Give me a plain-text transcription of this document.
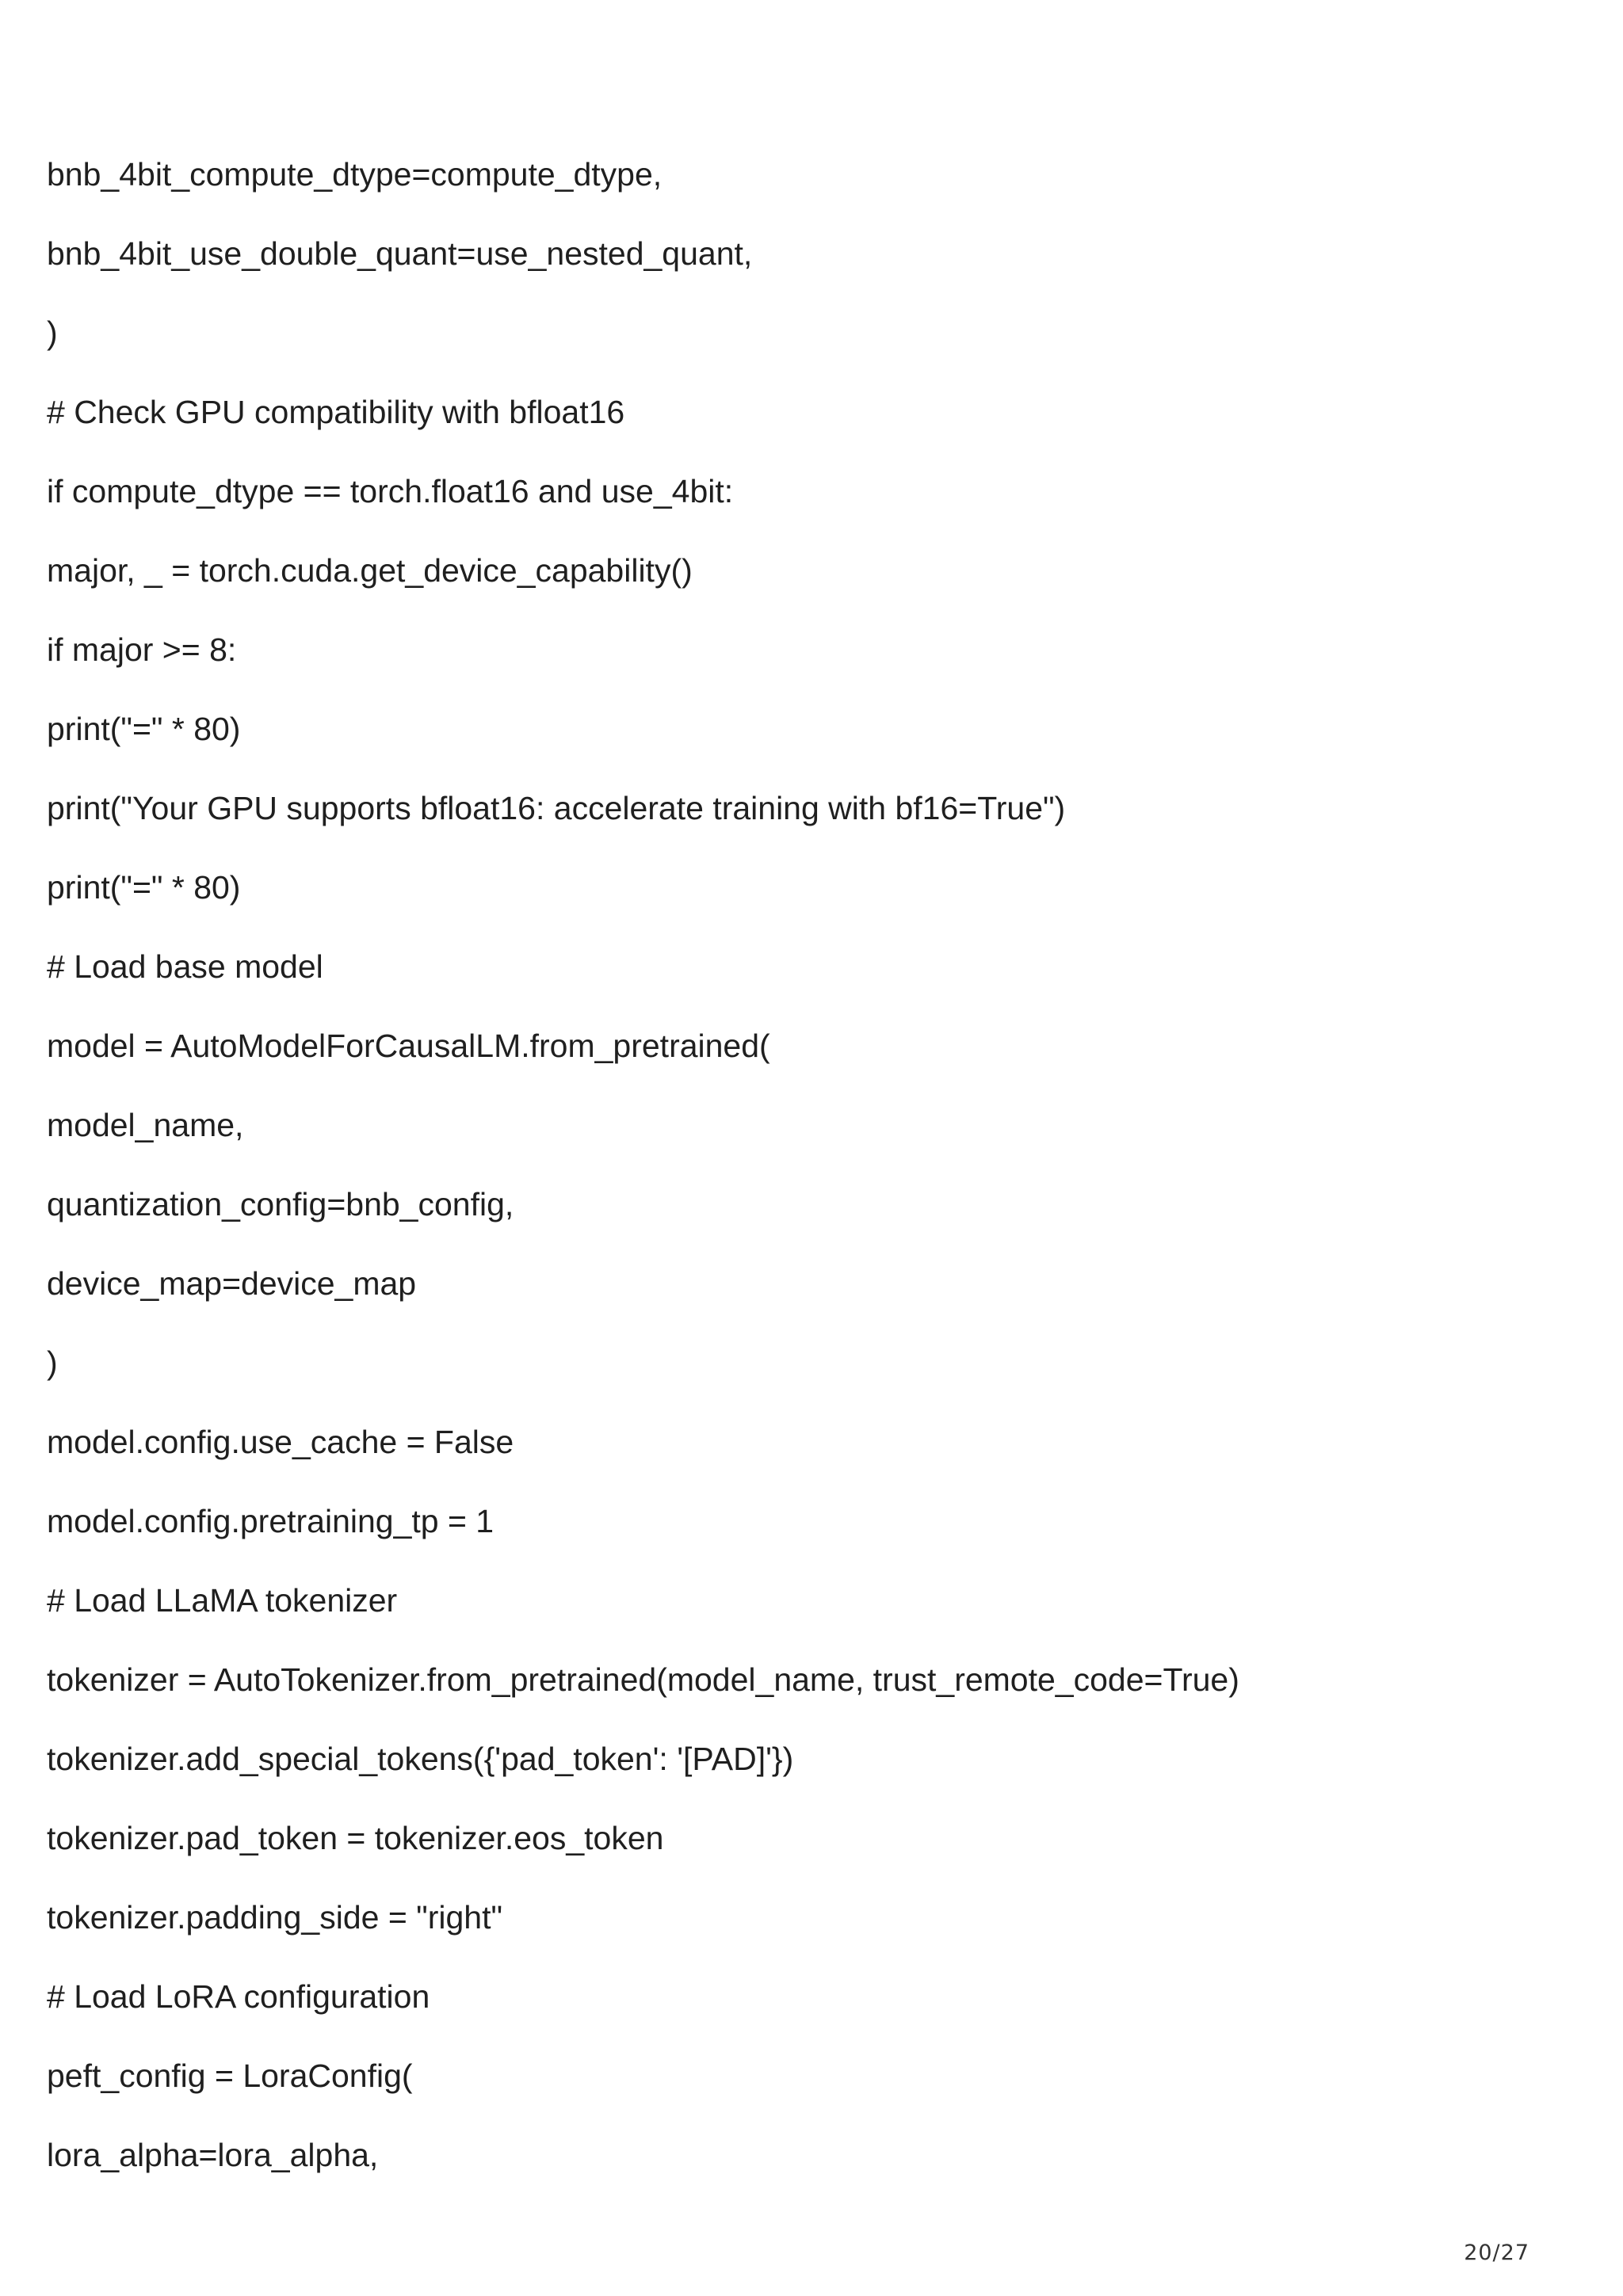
bnb_4bit_compute_dtype=compute_dtype,
bnb_4bit_use_double_quant=use_nested_quant,
)
# Check GPU compatibility with bfloat16
if compute_dtype == torch.float16 and use_4bit:
major, _ = torch.cuda.get_device_capability()
if major >= 8:
print("=" * 80)
print("Your GPU supports bfloat16: accelerate training with bf16=True")
print("=" * 80)
# Load base model
model = AutoModelForCausalLM.from_pretrained(
model_name,
quantization_config=bnb_config,
device_map=device_map
)
model.config.use_cache = False
model.config.pretraining_tp = 1
# Load LLaMA tokenizer
tokenizer = AutoTokenizer.from_pretrained(model_name, trust_remote_code=True)
tokenizer.add_special_tokens({'pad_token': '[PAD]'})
tokenizer.pad_token = tokenizer.eos_token
tokenizer.padding_side = "right"
# Load LoRA configuration
peft_config = LoraConfig(
lora_alpha=lora_alpha,
20/27
